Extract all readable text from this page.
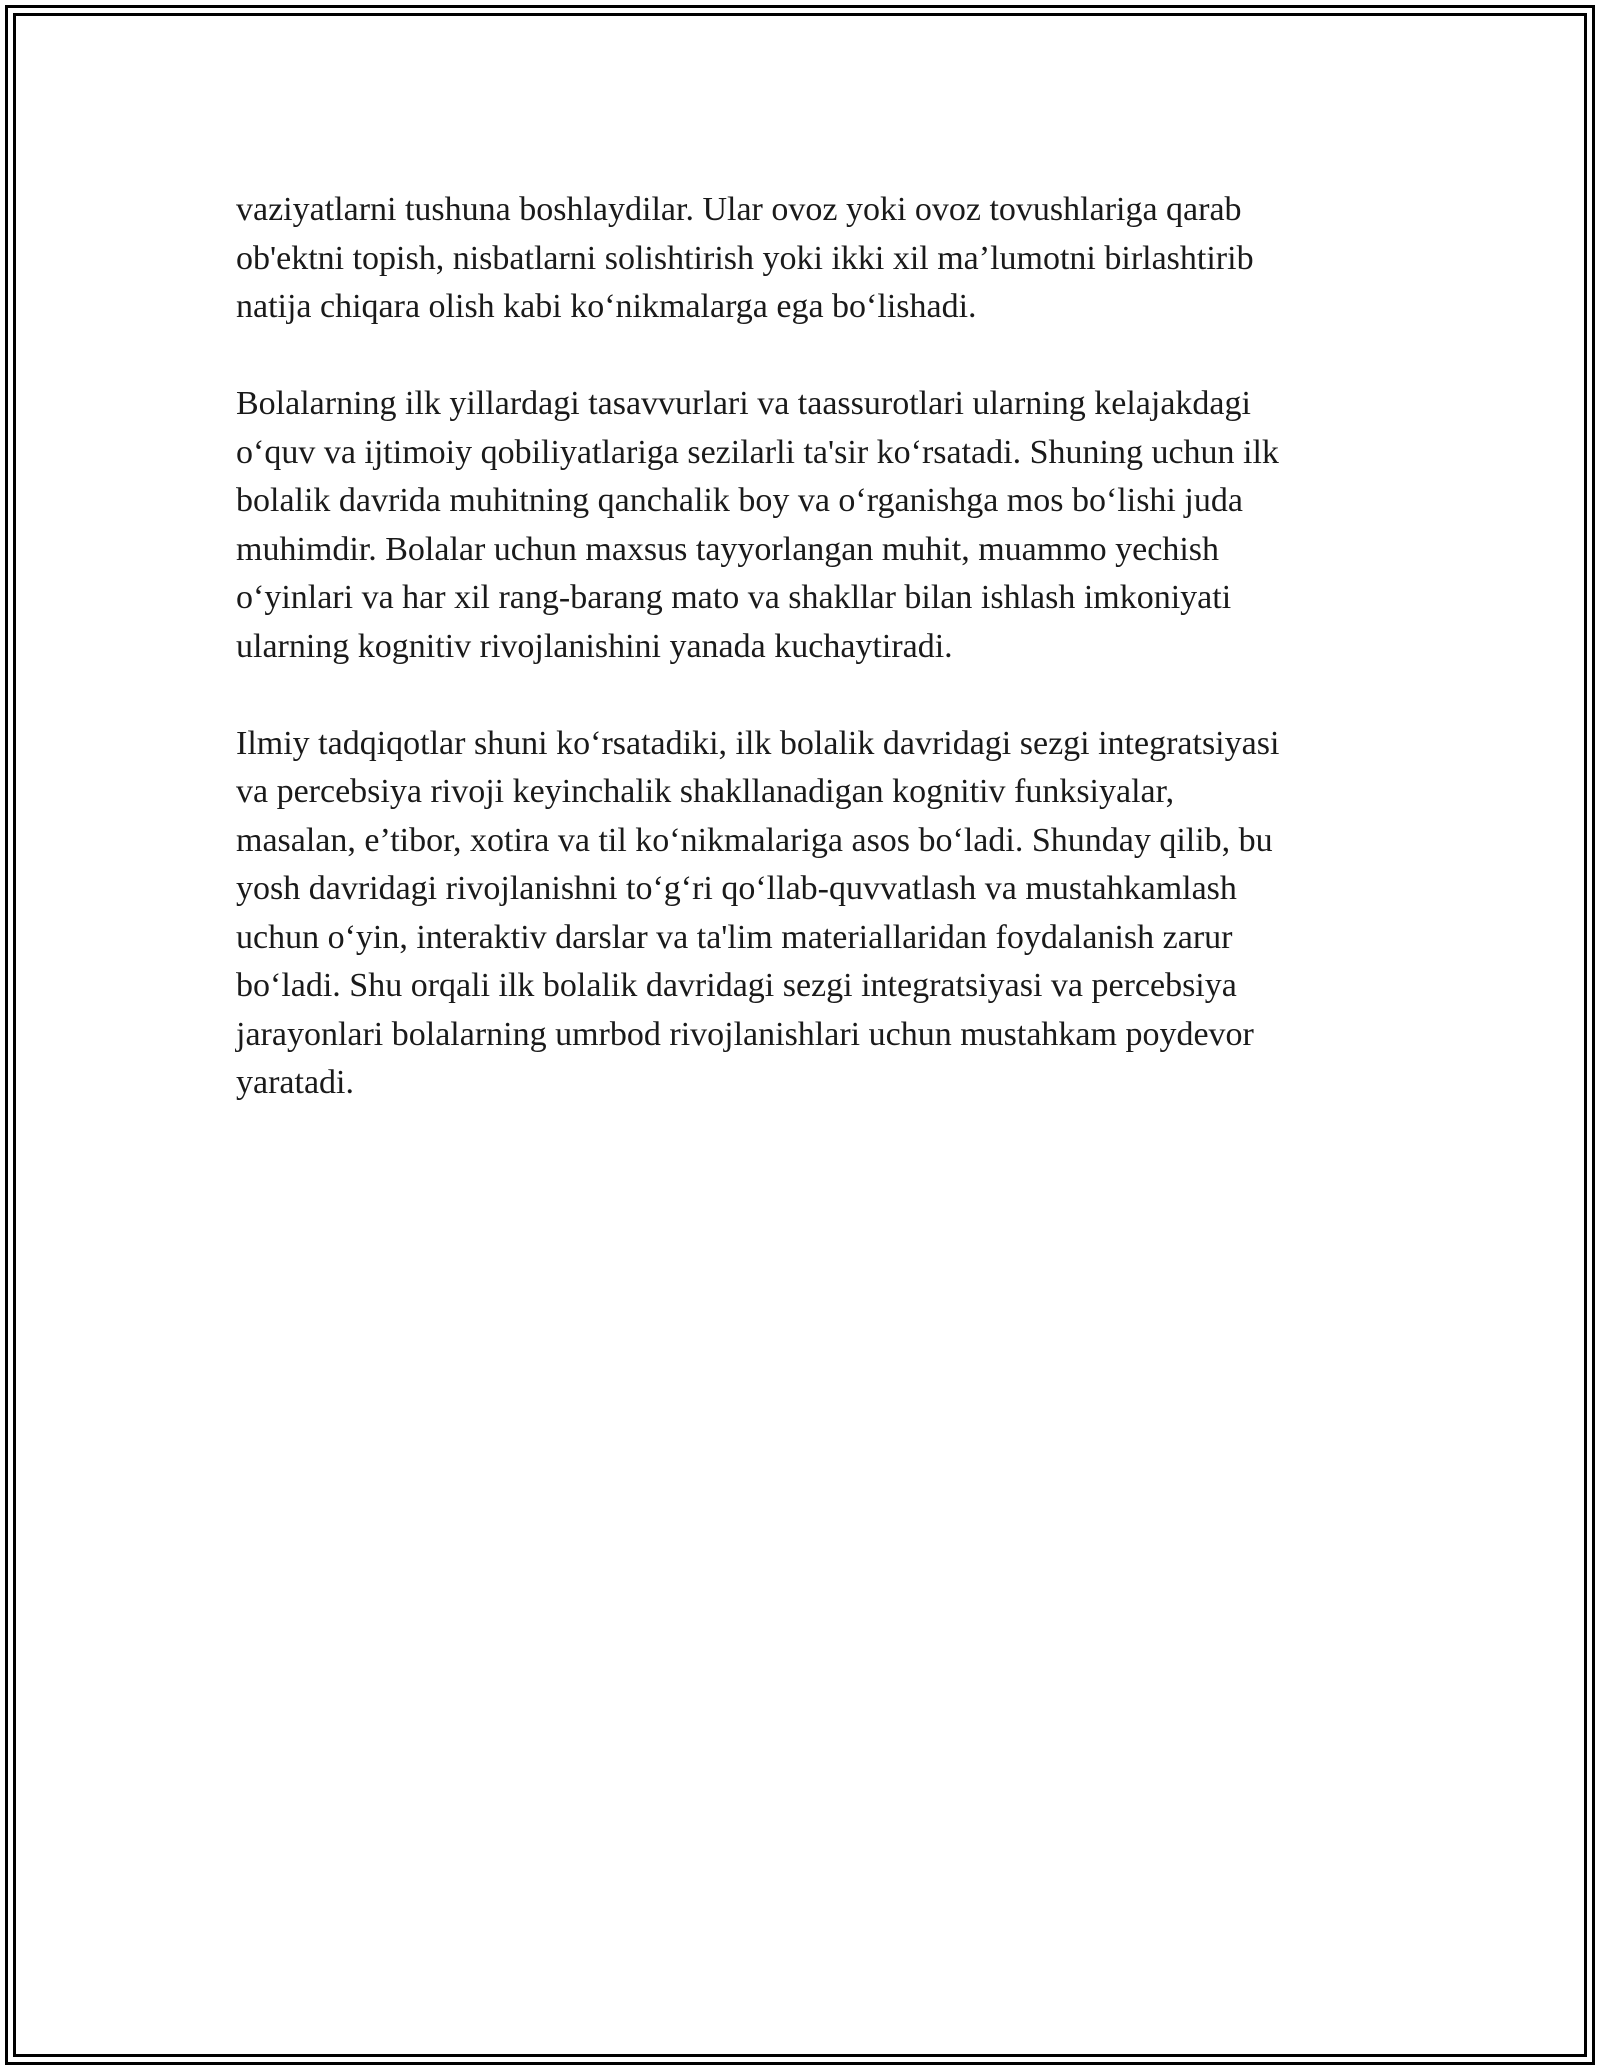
vaziyatlarni tushuna boshlaydilar. Ular ovoz yoki ovoz tovushlariga qarab
ob'ektni topish, nisbatlarni solishtirish yoki ikki xil ma’lumotni birlashtirib
natija chiqara olish kabi ko‘nikmalarga ega bo‘lishadi.

Bolalarning ilk yillardagi tasavvurlari va taassurotlari ularning kelajakdagi
o‘quv va ijtimoiy qobiliyatlariga sezilarli ta'sir ko‘rsatadi. Shuning uchun ilk
bolalik davrida muhitning qanchalik boy va o‘rganishga mos bo‘lishi juda
muhimdir. Bolalar uchun maxsus tayyorlangan muhit, muammo yechish
o‘yinlari va har xil rang-barang mato va shakllar bilan ishlash imkoniyati
ularning kognitiv rivojlanishini yanada kuchaytiradi.

Ilmiy tadqiqotlar shuni ko‘rsatadiki, ilk bolalik davridagi sezgi integratsiyasi
va percebsiya rivoji keyinchalik shakllanadigan kognitiv funksiyalar,
masalan, e’tibor, xotira va til ko‘nikmalariga asos bo‘ladi. Shunday qilib, bu
yosh davridagi rivojlanishni to‘g‘ri qo‘llab-quvvatlash va mustahkamlash
uchun o‘yin, interaktiv darslar va ta'lim materiallaridan foydalanish zarur
bo‘ladi. Shu orqali ilk bolalik davridagi sezgi integratsiyasi va percebsiya
jarayonlari bolalarning umrbod rivojlanishlari uchun mustahkam poydevor
yaratadi.
